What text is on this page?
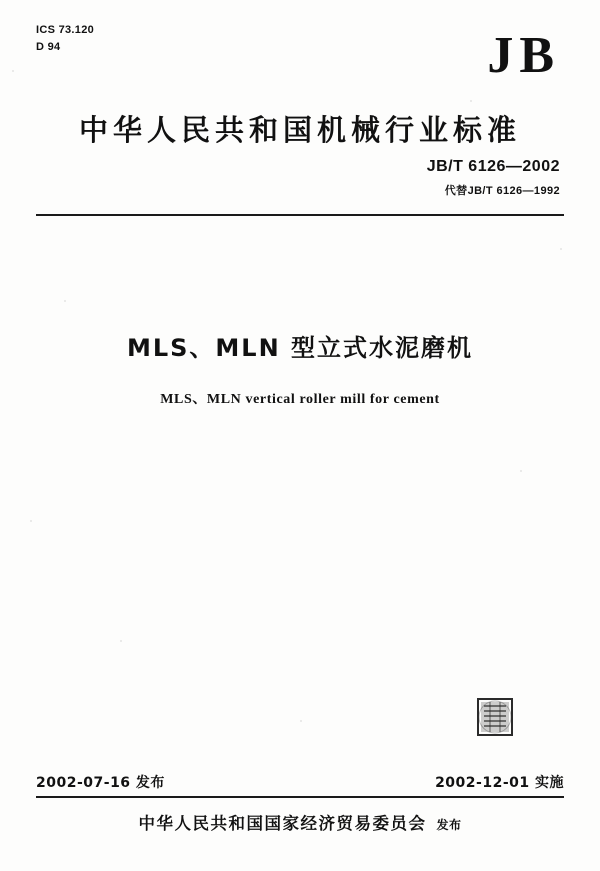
ICS 73.120
D 94	JB
中华人民共和国机械行业标准
JB/T 6126—2002
代替JB/T 6126—1992
MLS、MLN 型立式水泥磨机
MLS、MLN vertical roller mill for cement
2002-07-16 发布	2002-12-01 实施
中华人民共和国国家经济贸易委员会 发布
